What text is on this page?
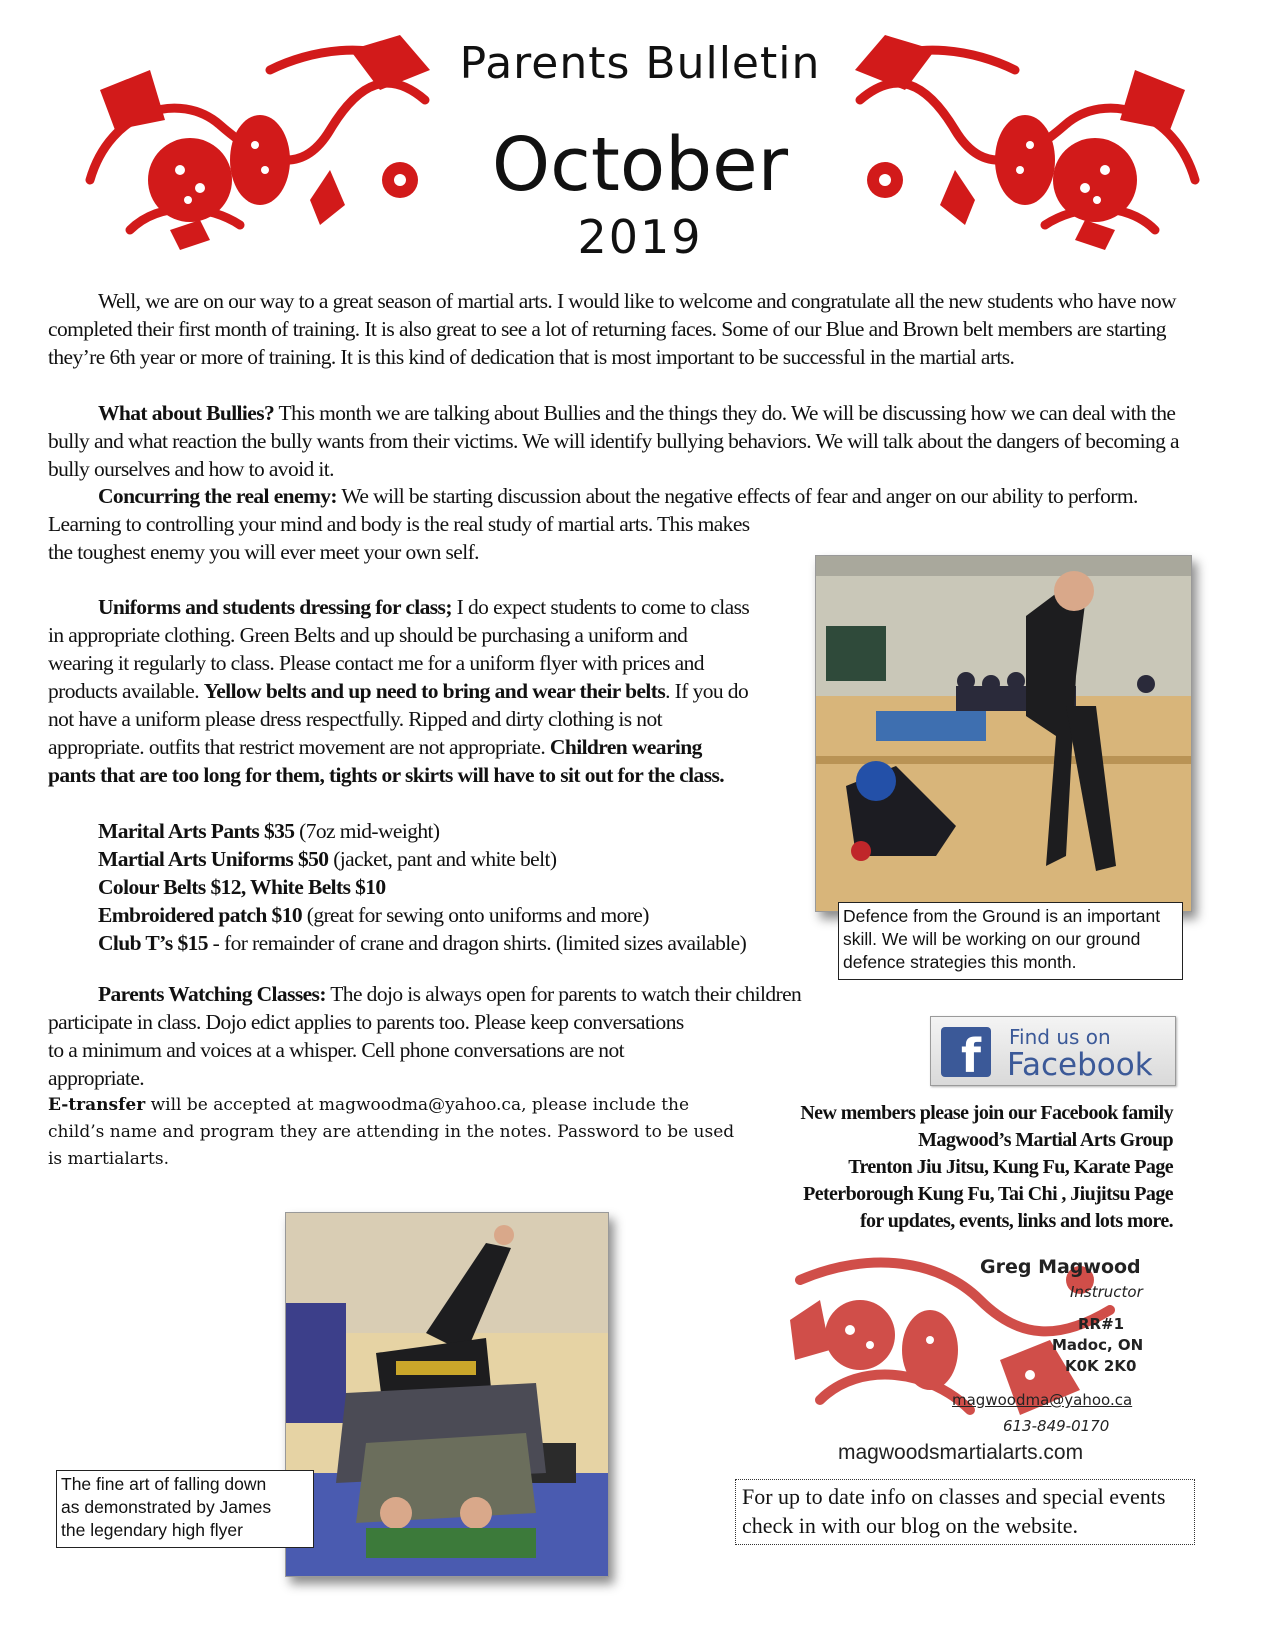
Parents Bulletin
October
2019
Well, we are on our way to a great season of martial arts. I would like to welcome and congratulate all the new students who have now completed their first month of training. It is also great to see a lot of returning faces. Some of our Blue and Brown belt members are starting they’re 6th year or more of training. It is this kind of dedication that is most important to be successful in the martial arts.
What about Bullies? This month we are talking about Bullies and the things they do. We will be discussing how we can deal with the bully and what reaction the bully wants from their victims. We will identify bullying behaviors. We will talk about the dangers of becoming a bully ourselves and how to avoid it.

Concurring the real enemy: We will be starting discussion about the negative effects of fear and anger on our ability to perform.

Learning to controlling your mind and body is the real study of martial arts. This makes

the toughest enemy you will ever meet your own self.

Uniforms and students dressing for class; I do expect students to come to class in appropriate clothing. Green Belts and up should be purchasing a uniform and wearing it regularly to class. Please contact me for a uniform flyer with prices and products available. Yellow belts and up need to bring and wear their belts. If you do not have a uniform please dress respectfully. Ripped and dirty clothing is not appropriate. outfits that restrict movement are not appropriate. Children wearing pants that are too long for them, tights or skirts will have to sit out for the class.

Marital Arts Pants $35 (7oz mid-weight)

Martial Arts Uniforms $50 (jacket, pant and white belt)

Colour Belts $12, White Belts $10

Embroidered patch $10 (great for sewing onto uniforms and more)

Club T’s $15 - for remainder of crane and dragon shirts. (limited sizes available)

Parents Watching Classes: The dojo is always open for parents to watch their children

participate in class. Dojo edict applies to parents too. Please keep conversations

to a minimum and voices at a whisper. Cell phone conversations are not

appropriate.

E-transfer will be accepted at magwoodma@yahoo.ca, please include the
child’s name and program they are attending in the notes. Password to be used
is martialarts.
Defence from the Ground is an important
skill. We will be working on our ground
defence strategies this month.
The fine art of falling down
as demonstrated by James
the legendary high flyer
f	Find us on
Facebook
New members please join our Facebook family
Magwood’s Martial Arts Group
Trenton Jiu Jitsu, Kung Fu, Karate Page
Peterborough Kung Fu, Tai Chi , Jiujitsu Page
for updates, events, links and lots more.
Greg Magwood
Instructor
RR#1
Madoc, ON
K0K 2K0
magwoodma@yahoo.ca
613-849-0170
magwoodsmartialarts.com
For up to date info on classes and special events check in with our blog on the website.
